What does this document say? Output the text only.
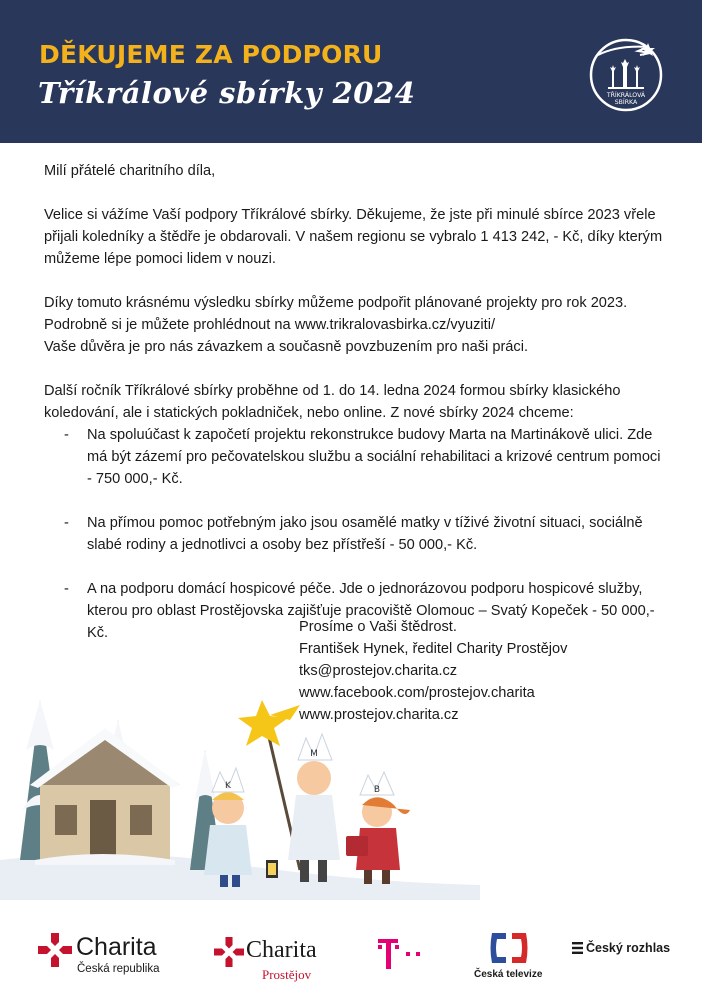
DĚKUJEME ZA PODPORU
Tříkrálové sbírky 2024	TŘÍKRÁLOVÁ
SBÍRKA

Milí přátelé charitního díla,

Velice si vážíme Vaší podpory Tříkrálové sbírky. Děkujeme, že jste při minulé sbírce 2023 vřele přijali koledníky a štědře je obdarovali. V našem regionu se vybralo 1 413 242, - Kč, díky kterým můžeme lépe pomoci lidem v nouzi.

Díky tomuto krásnému výsledku sbírky můžeme podpořit plánované projekty pro rok 2023. Podrobně si je můžete prohlédnout na www.trikralovasbirka.cz/vyuziti/

Vaše důvěra je pro nás závazkem a současně povzbuzením pro naši práci.

Další ročník Tříkrálové sbírky proběhne od 1. do 14. ledna 2024 formou sbírky klasického koledování, ale i statických pokladniček, nebo online. Z nové sbírky 2024 chceme:

- Na spoluúčast k započetí projektu rekonstrukce budovy Marta na Martinákově ulici. Zde má být zázemí pro pečovatelskou službu a sociální rehabilitaci a krizové centrum pomoci - 750 000,- Kč.
- Na přímou pomoc potřebným jako jsou osamělé matky v tíživé životní situaci, sociálně slabé rodiny a jednotlivci a osoby bez přístřeší - 50 000,- Kč.
- A na podporu domácí hospicové péče. Jde o jednorázovou podporu hospicové služby, kterou pro oblast Prostějovska zajišťuje pracoviště Olomouc – Svatý Kopeček - 50 000,- Kč.	Prosíme o Vaši štědrost.
František Hynek, ředitel Charity Prostějov
tks@prostejov.charita.cz
www.facebook.com/prostejov.charita
www.prostejov.charita.cz
K
M
B
Charita
Česká republika
Charita
Prostějov	Česká televize
Český rozhlas
